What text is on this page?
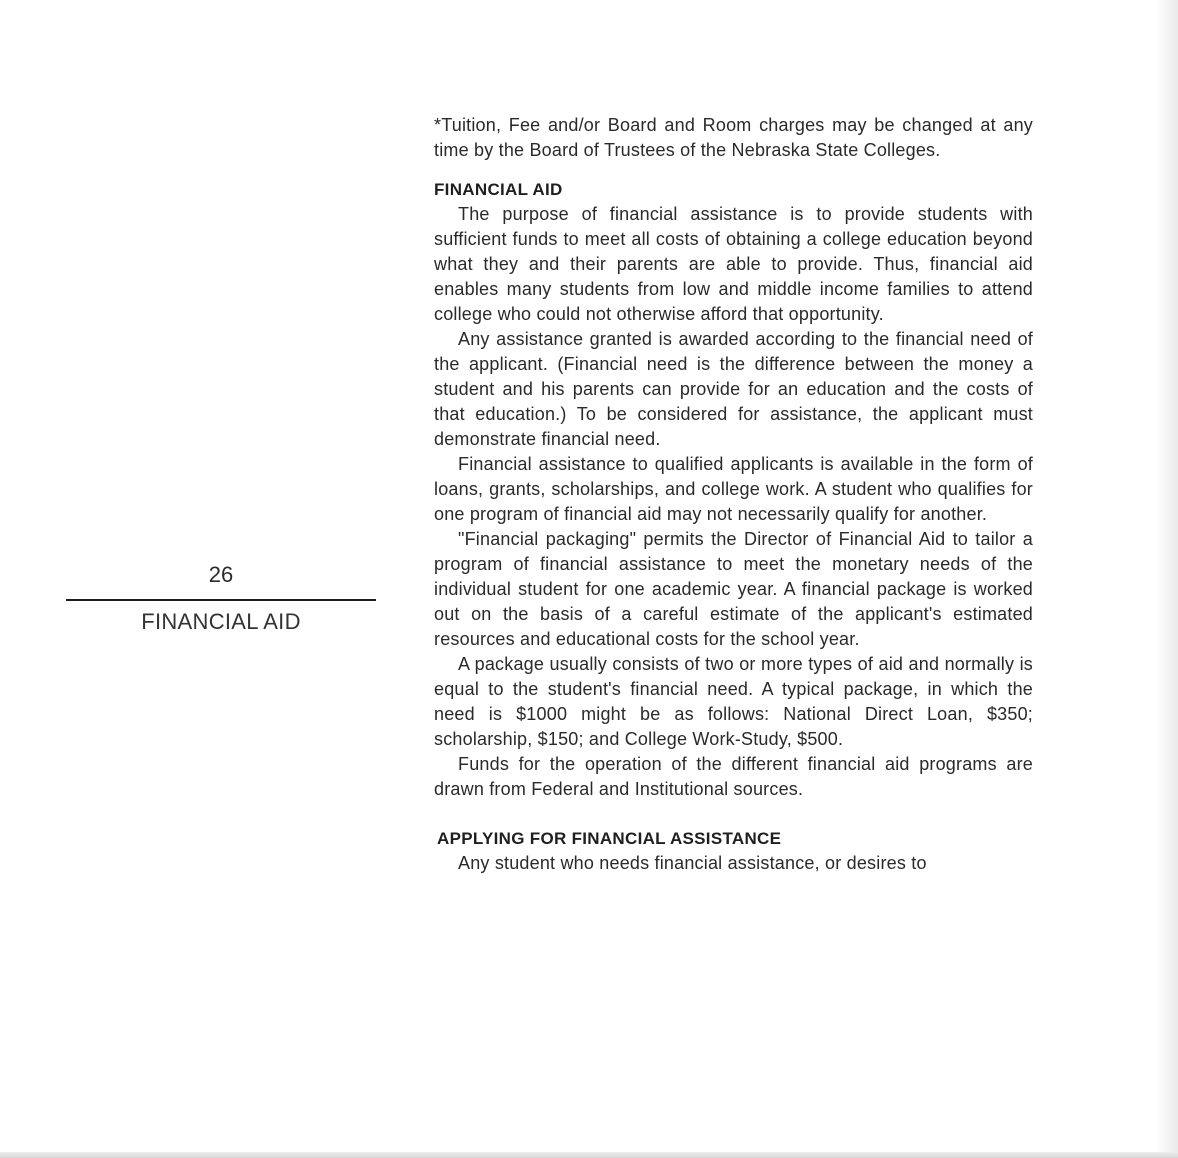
26
FINANCIAL AID

*Tuition, Fee and/or Board and Room charges may be changed at any time by the Board of Trustees of the Nebraska State Colleges.

FINANCIAL AID

The purpose of financial assistance is to provide students with sufficient funds to meet all costs of obtaining a college education beyond what they and their parents are able to provide. Thus, financial aid enables many students from low and middle income families to attend college who could not otherwise afford that opportunity.

Any assistance granted is awarded according to the financial need of the applicant. (Financial need is the difference between the money a student and his parents can provide for an education and the costs of that education.) To be considered for assistance, the applicant must demonstrate financial need.

Financial assistance to qualified applicants is available in the form of loans, grants, scholarships, and college work. A student who qualifies for one program of financial aid may not necessarily qualify for another.

"Financial packaging" permits the Director of Financial Aid to tailor a program of financial assistance to meet the monetary needs of the individual student for one academic year. A financial package is worked out on the basis of a careful estimate of the applicant's estimated resources and educational costs for the school year.

A package usually consists of two or more types of aid and normally is equal to the student's financial need. A typical package, in which the need is $1000 might be as follows: National Direct Loan, $350; scholarship, $150; and College Work-Study, $500.

Funds for the operation of the different financial aid programs are drawn from Federal and Institutional sources.

APPLYING FOR FINANCIAL ASSISTANCE

Any student who needs financial assistance, or desires to
